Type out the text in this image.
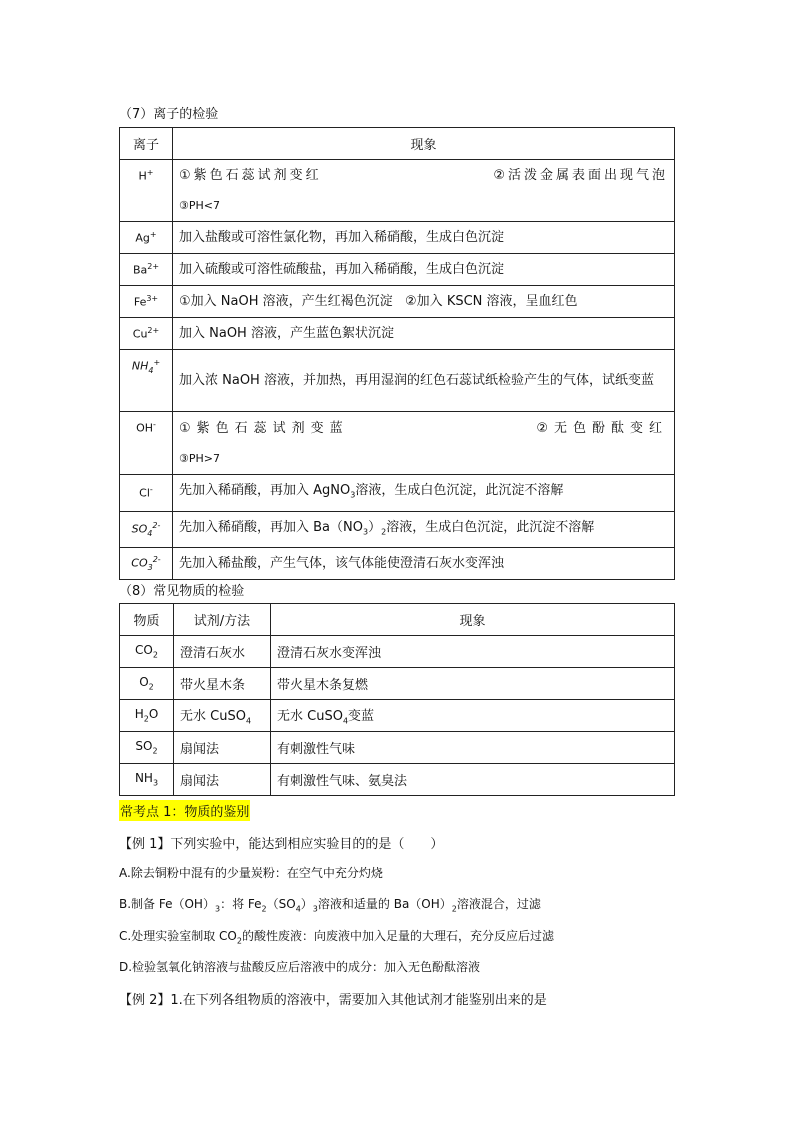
（7）离子的检验
离子	现象
H+	①紫色石蕊试剂变红 ②活泼金属表面出现气泡
③PH<7

Ag+	加入盐酸或可溶性氯化物，再加入稀硝酸，生成白色沉淀
$Ba^{2+}$	加入硫酸或可溶性硫酸盐，再加入稀硝酸，生成白色沉淀
$Fe^{3+}$	①加入 NaOH 溶液，产生红褐色沉淀 ②加入 KSCN 溶液，呈血红色
$Cu^{2+}$	加入 NaOH 溶液，产生蓝色絮状沉淀
$NH_4^+$	加入浓 NaOH 溶液，并加热，再用湿润的红色石蕊试纸检验产生的气体，试纸变蓝
OH-	①紫色石蕊试剂变蓝 ②无色酚酞变红
③PH>7

Cl-	先加入稀硝酸，再加入 AgNO$_3$溶液，生成白色沉淀，此沉淀不溶解
$SO_4^{2-}$	先加入稀硝酸，再加入 $Ba(NO_3)_2$溶液，生成白色沉淀，此沉淀不溶解
$CO_3^{2-}$	先加入稀盐酸，产生气体，该气体能使澄清石灰水变浑浊
（8）常见物质的检验
物质	试剂/方法	现象
$CO_2$	澄清石灰水	澄清石灰水变浑浊
$O_2$	带火星木条	带火星木条复燃
$H_2O$	无水 CuSO$_4$	无水 CuSO$_4$变蓝
$SO_2$	扇闻法	有刺激性气味
$NH_3$	扇闻法	有刺激性气味、氨臭法
常考点 1：物质的鉴别
【例 1】下列实验中，能达到相应实验目的的是（　　）
A.除去铜粉中混有的少量炭粉：在空气中充分灼烧
B.制备 $Fe(OH)_3$：将 $Fe_2(SO_4)_3$溶液和适量的 $Ba(OH)_2$溶液混合，过滤
C.处理实验室制取 $CO_2$的酸性废液：向废液中加入足量的大理石，充分反应后过滤
D.检验氢氧化钠溶液与盐酸反应后溶液中的成分：加入无色酚酞溶液
【例 2】1.在下列各组物质的溶液中，需要加入其他试剂才能鉴别出来的是
